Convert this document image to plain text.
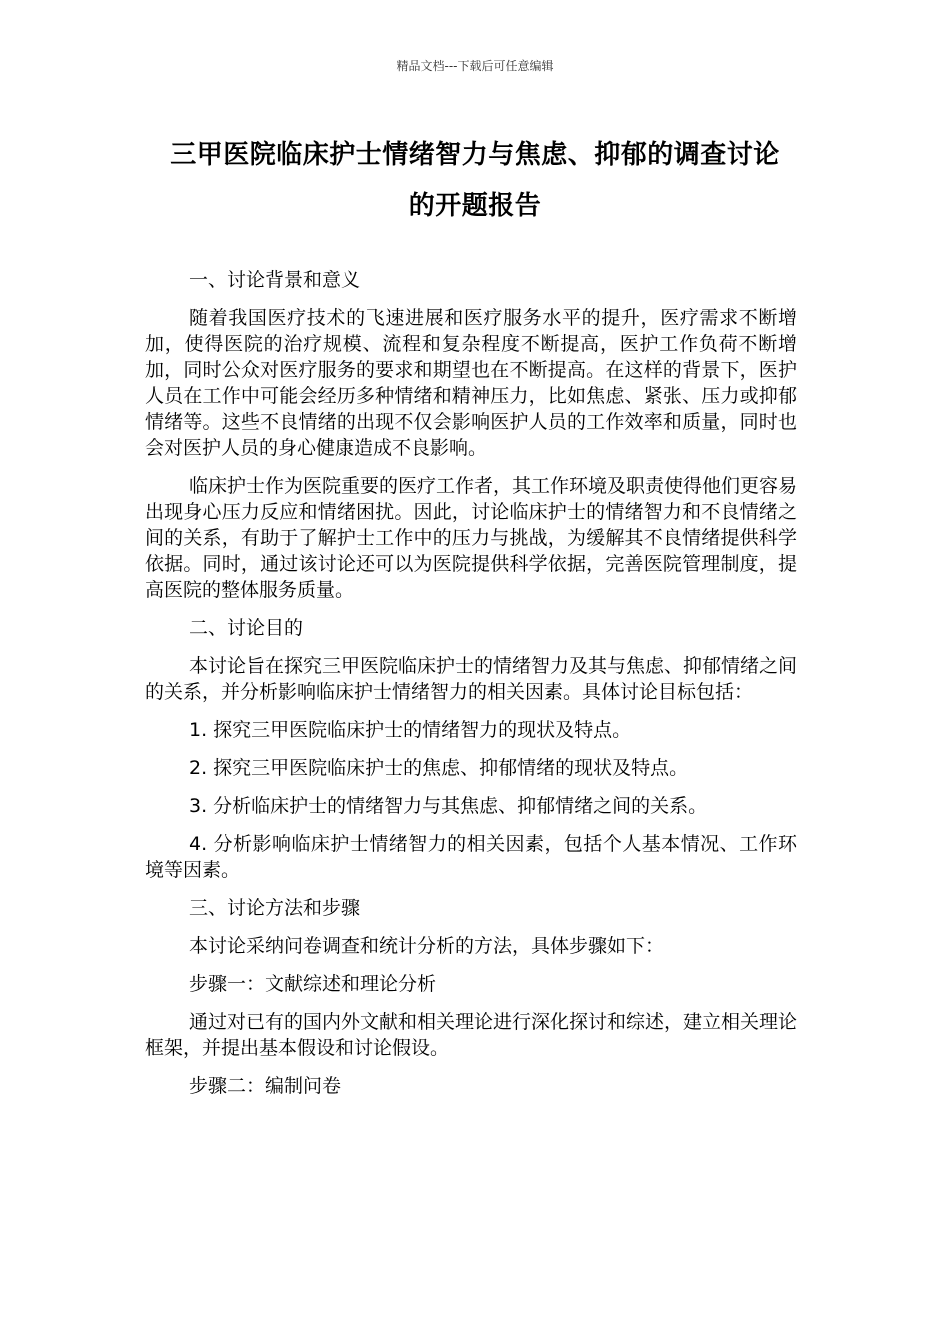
精品文档---下载后可任意编辑
三甲医院临床护士情绪智力与焦虑、抑郁的调查讨论
的开题报告

一、讨论背景和意义

随着我国医疗技术的飞速进展和医疗服务水平的提升，医疗需求不断增加，使得医院的治疗规模、流程和复杂程度不断提高，医护工作负荷不断增加，同时公众对医疗服务的要求和期望也在不断提高。在这样的背景下，医护人员在工作中可能会经历多种情绪和精神压力，比如焦虑、紧张、压力或抑郁情绪等。这些不良情绪的出现不仅会影响医护人员的工作效率和质量，同时也会对医护人员的身心健康造成不良影响。

临床护士作为医院重要的医疗工作者，其工作环境及职责使得他们更容易出现身心压力反应和情绪困扰。因此，讨论临床护士的情绪智力和不良情绪之间的关系，有助于了解护士工作中的压力与挑战，为缓解其不良情绪提供科学依据。同时，通过该讨论还可以为医院提供科学依据，完善医院管理制度，提高医院的整体服务质量。

二、讨论目的

本讨论旨在探究三甲医院临床护士的情绪智力及其与焦虑、抑郁情绪之间的关系，并分析影响临床护士情绪智力的相关因素。具体讨论目标包括：

1. 探究三甲医院临床护士的情绪智力的现状及特点。

2. 探究三甲医院临床护士的焦虑、抑郁情绪的现状及特点。

3. 分析临床护士的情绪智力与其焦虑、抑郁情绪之间的关系。

4. 分析影响临床护士情绪智力的相关因素，包括个人基本情况、工作环境等因素。

三、讨论方法和步骤

本讨论采纳问卷调查和统计分析的方法，具体步骤如下：

步骤一：文献综述和理论分析

通过对已有的国内外文献和相关理论进行深化探讨和综述，建立相关理论框架，并提出基本假设和讨论假设。

步骤二：编制问卷
